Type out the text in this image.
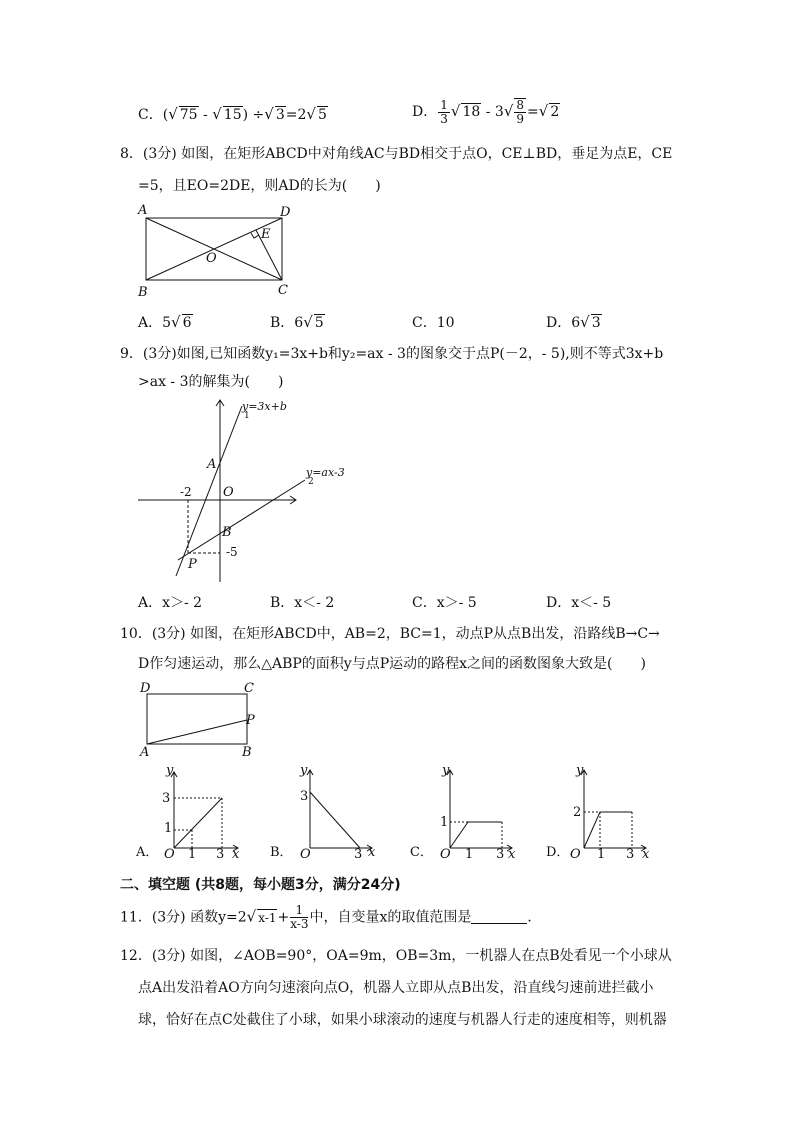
C．(√ 75 - √ 15) ÷√ 3=2√ 5	D． $\frac{1}{3}$ √ $18 - 3√ \frac{8}{9}$ =√ 2
8．(3分) 如图，在矩形ABCD中对角线AC与BD相交于点O，CE⊥BD，垂足为点E，CE
=5，且EO=2DE，则AD的长为(　　)
A	D
B	C
E
O
A．5√ 6	B．6√ 5	C．10	D．6√ 3
9．(3分)如图,已知函数y₁=3x+b和y₂=ax - 3的图象交于点P(－2，- 5),则不等式3x+b
>ax - 3的解集为(　　)
y=3x+b
1
y=ax-3
2
A
B
O
P
-2
-5
A．x＞- 2	B．x＜- 2	C．x＞- 5	D．x＜- 5
10．(3分) 如图，在矩形ABCD中，AB=2，BC=1，动点P从点B出发，沿路线B→C→
D作匀速运动，那么△ABP的面积y与点P运动的路程x之间的函数图象大致是(　　)
D	C
A	B
P
A． O
y
x
3
1
1 3	B． O
y
x
3
3	C． O
y
x
1
1 3	D． O
y
x
2
1 3
二、填空题 (共8题，每小题3分，满分24分)
11．(3分) 函数y=2√ $x-1+ \frac{1}{x-3}$ 中，自变量x的取值范围是	．
12．(3分) 如图，∠AOB=90°，OA=9m，OB=3m，一机器人在点B处看见一个小球从
点A出发沿着AO方向匀速滚向点O，机器人立即从点B出发，沿直线匀速前进拦截小
球，恰好在点C处截住了小球，如果小球滚动的速度与机器人行走的速度相等，则机器
